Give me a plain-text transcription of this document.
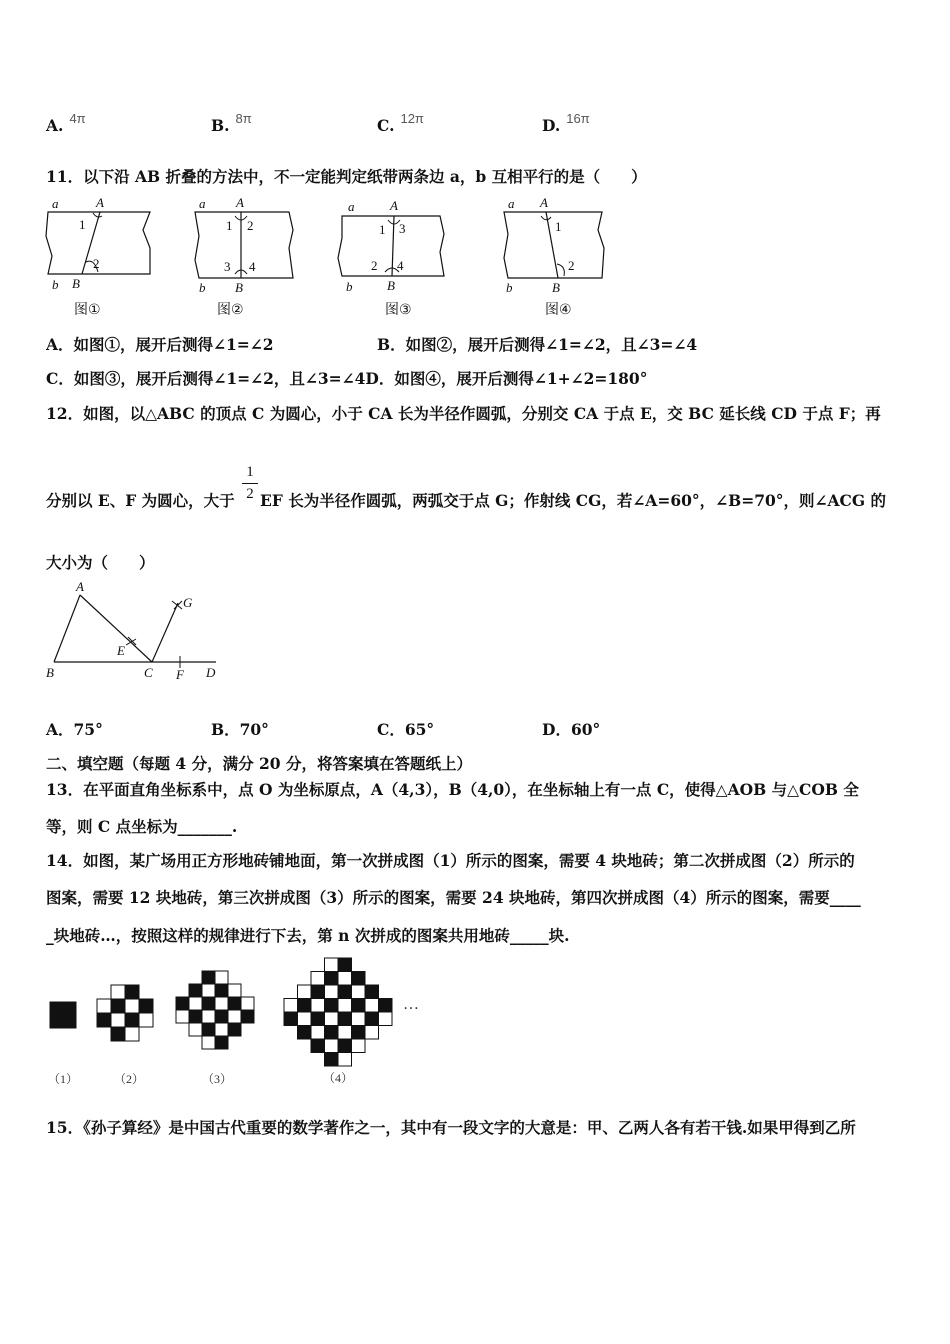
A. $^{4\pi}$	B. $^{8\pi}$	C. $^{12\pi}$	D. $^{16\pi}$
11．以下沿 AB 折叠的方法中，不一定能判定纸带两条边 a，b 互相平行的是（　　）
a	A
1
2
b B
图①
a A
1 2
3 4
b B
图②
a	A
1 3
2 4
b	B
图③
a A
1
2
b	B
图④
A．如图①，展开后测得∠1=∠2	B．如图②，展开后测得∠1=∠2，且∠3=∠4
C．如图③，展开后测得∠1=∠2，且∠3=∠4D．如图④，展开后测得∠1+∠2=180°
12．如图，以△ABC 的顶点 C 为圆心，小于 CA 长为半径作圆弧，分别交 CA 于点 E，交 BC 延长线 CD 于点 F；再
分别以 E、F 为圆心，大于
1
2 EF 长为半径作圆弧，两弧交于点 G；作射线 CG，若∠A=60°，∠B=70°，则∠ACG 的
大小为（　　）
A
G
E
B	C F D
A．75°	B．70°	C．65°	D．60°
二、填空题（每题 4 分，满分 20 分，将答案填在答题纸上）
13．在平面直角坐标系中，点 O 为坐标原点，A（4,3），B（4,0），在坐标轴上有一点 C，使得△AOB 与△COB 全
等，则 C 点坐标为_______.
14．如图，某广场用正方形地砖铺地面，第一次拼成图（1）所示的图案，需要 4 块地砖；第二次拼成图（2）所示的
图案，需要 12 块地砖，第三次拼成图（3）所示的图案，需要 24 块地砖，第四次拼成图（4）所示的图案，需要____
_块地砖…，按照这样的规律进行下去，第 n 次拼成的图案共用地砖_____块.
…
（1）	（2）	（3）	（4）
15．《孙子算经》是中国古代重要的数学著作之一，其中有一段文字的大意是：甲、乙两人各有若干钱.如果甲得到乙所
